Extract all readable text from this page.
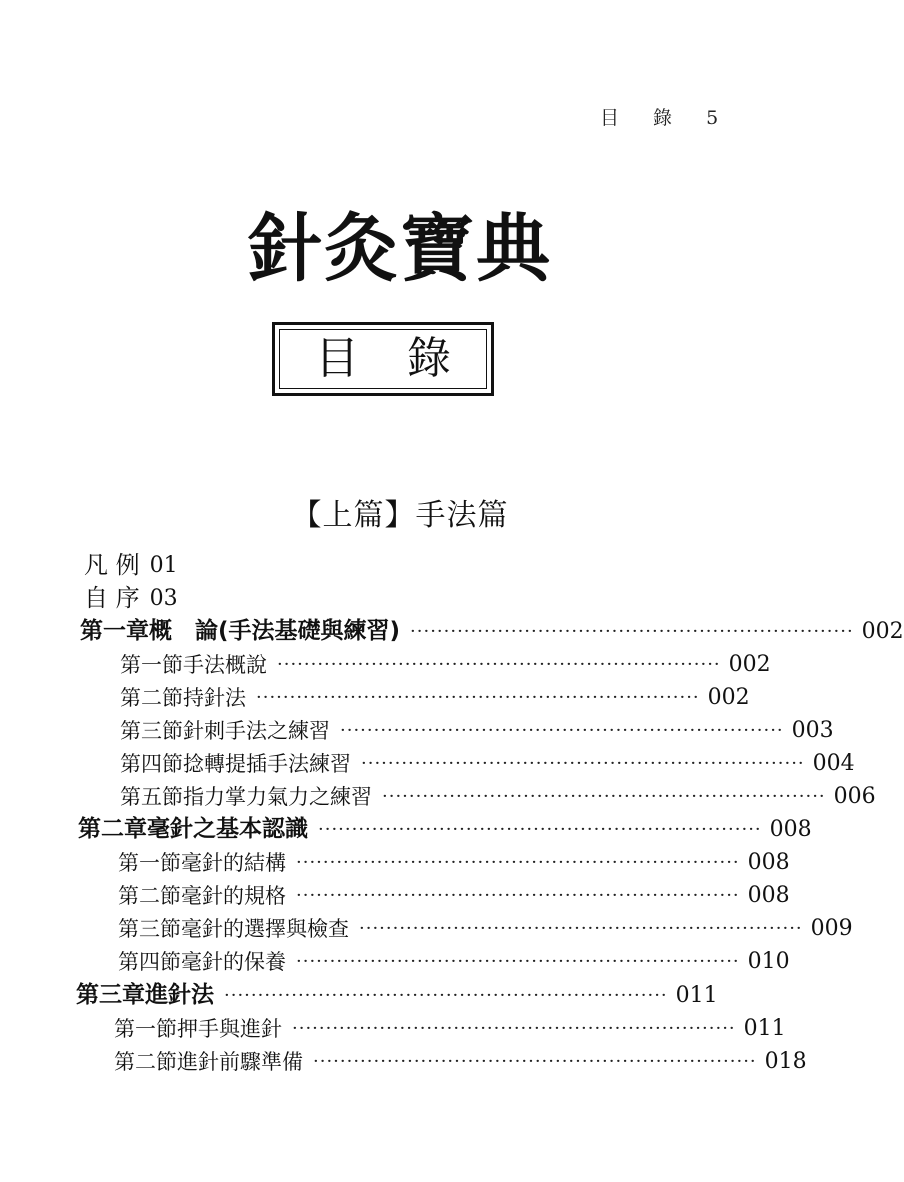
目 錄 5
針灸寶典
目錄
【上篇】手法篇
凡 例 01
自 序 03
第一章 概　論(手法基礎與練習) ·································································· 002
第一節 手法概說 ·································································· 002
第二節 持針法 ·································································· 002
第三節 針刺手法之練習 ·································································· 003
第四節 捻轉提插手法練習 ·································································· 004
第五節 指力掌力氣力之練習 ·································································· 006
第二章 毫針之基本認識 ·································································· 008
第一節 毫針的結構 ·································································· 008
第二節 毫針的規格 ·································································· 008
第三節 毫針的選擇與檢查 ·································································· 009
第四節 毫針的保養 ·································································· 010
第三章 進針法 ·································································· 011
第一節 押手與進針 ·································································· 011
第二節 進針前驟準備 ·································································· 018
